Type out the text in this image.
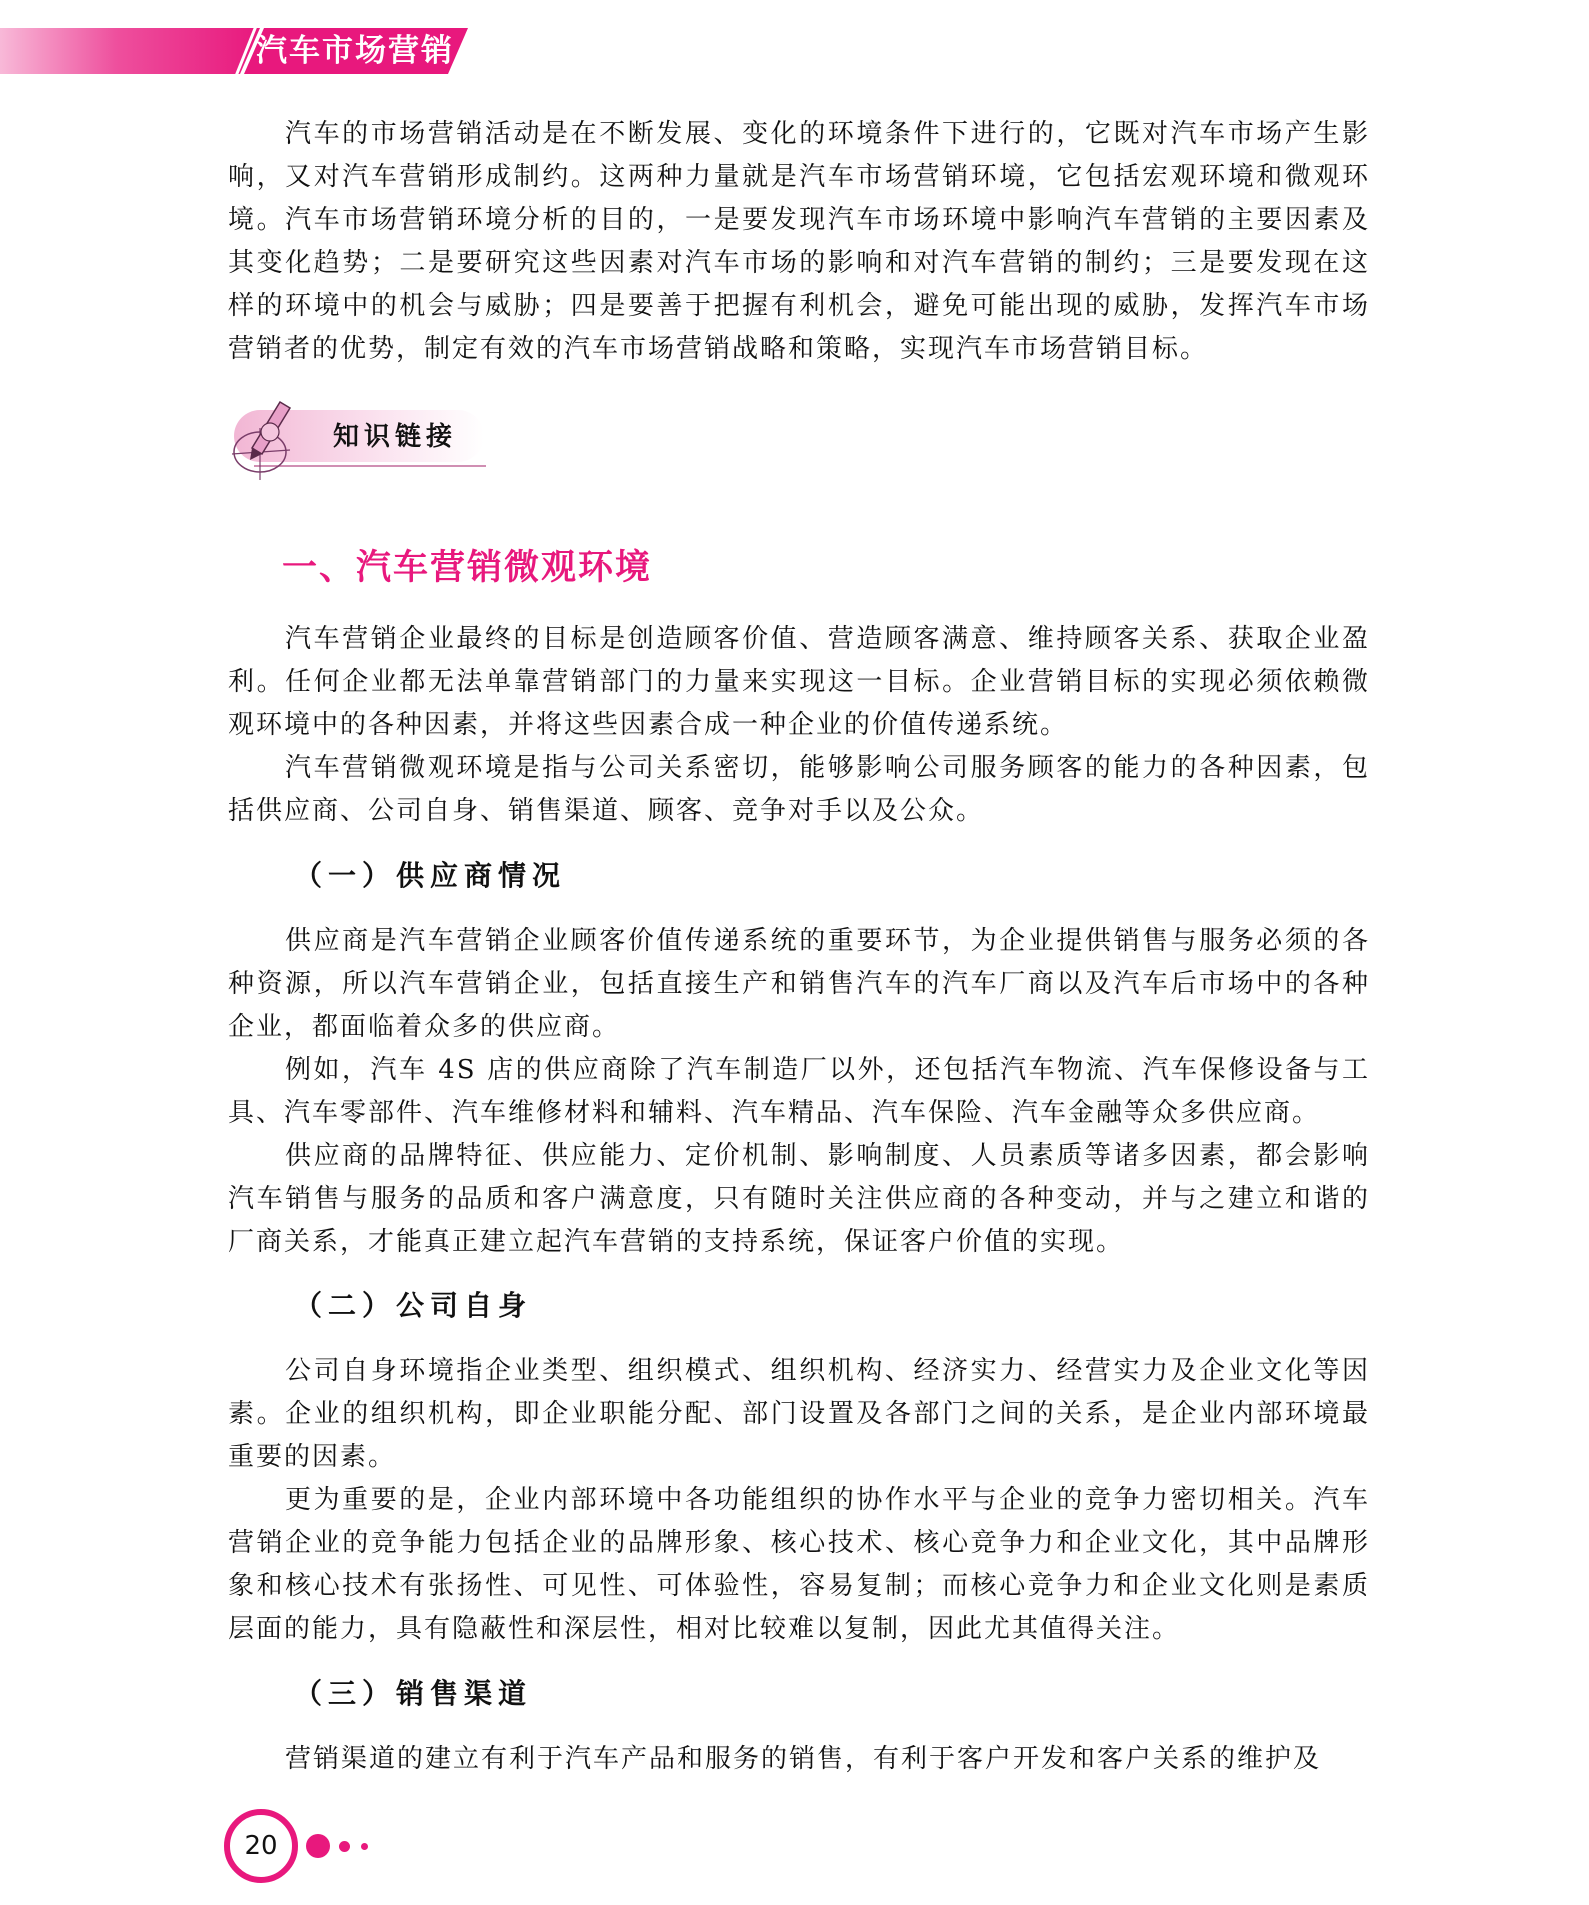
汽车市场营销

汽车的市场营销活动是在不断发展、变化的环境条件下进行的，它既对汽车市场产生影响，又对汽车营销形成制约。这两种力量就是汽车市场营销环境，它包括宏观环境和微观环境。汽车市场营销环境分析的目的，一是要发现汽车市场环境中影响汽车营销的主要因素及其变化趋势；二是要研究这些因素对汽车市场的影响和对汽车营销的制约；三是要发现在这样的环境中的机会与威胁；四是要善于把握有利机会，避免可能出现的威胁，发挥汽车市场营销者的优势，制定有效的汽车市场营销战略和策略，实现汽车市场营销目标。

知识链接
一、汽车营销微观环境

汽车营销企业最终的目标是创造顾客价值、营造顾客满意、维持顾客关系、获取企业盈利。任何企业都无法单靠营销部门的力量来实现这一目标。企业营销目标的实现必须依赖微观环境中的各种因素，并将这些因素合成一种企业的价值传递系统。

汽车营销微观环境是指与公司关系密切，能够影响公司服务顾客的能力的各种因素，包括供应商、公司自身、销售渠道、顾客、竞争对手以及公众。

（一）供应商情况

供应商是汽车营销企业顾客价值传递系统的重要环节，为企业提供销售与服务必须的各种资源，所以汽车营销企业，包括直接生产和销售汽车的汽车厂商以及汽车后市场中的各种企业，都面临着众多的供应商。

例如，汽车 4S 店的供应商除了汽车制造厂以外，还包括汽车物流、汽车保修设备与工具、汽车零部件、汽车维修材料和辅料、汽车精品、汽车保险、汽车金融等众多供应商。

供应商的品牌特征、供应能力、定价机制、影响制度、人员素质等诸多因素，都会影响汽车销售与服务的品质和客户满意度，只有随时关注供应商的各种变动，并与之建立和谐的厂商关系，才能真正建立起汽车营销的支持系统，保证客户价值的实现。

（二）公司自身

公司自身环境指企业类型、组织模式、组织机构、经济实力、经营实力及企业文化等因素。企业的组织机构，即企业职能分配、部门设置及各部门之间的关系，是企业内部环境最重要的因素。

更为重要的是，企业内部环境中各功能组织的协作水平与企业的竞争力密切相关。汽车营销企业的竞争能力包括企业的品牌形象、核心技术、核心竞争力和企业文化，其中品牌形象和核心技术有张扬性、可见性、可体验性，容易复制；而核心竞争力和企业文化则是素质层面的能力，具有隐蔽性和深层性，相对比较难以复制，因此尤其值得关注。

（三）销售渠道

营销渠道的建立有利于汽车产品和服务的销售，有利于客户开发和客户关系的维护及

20
